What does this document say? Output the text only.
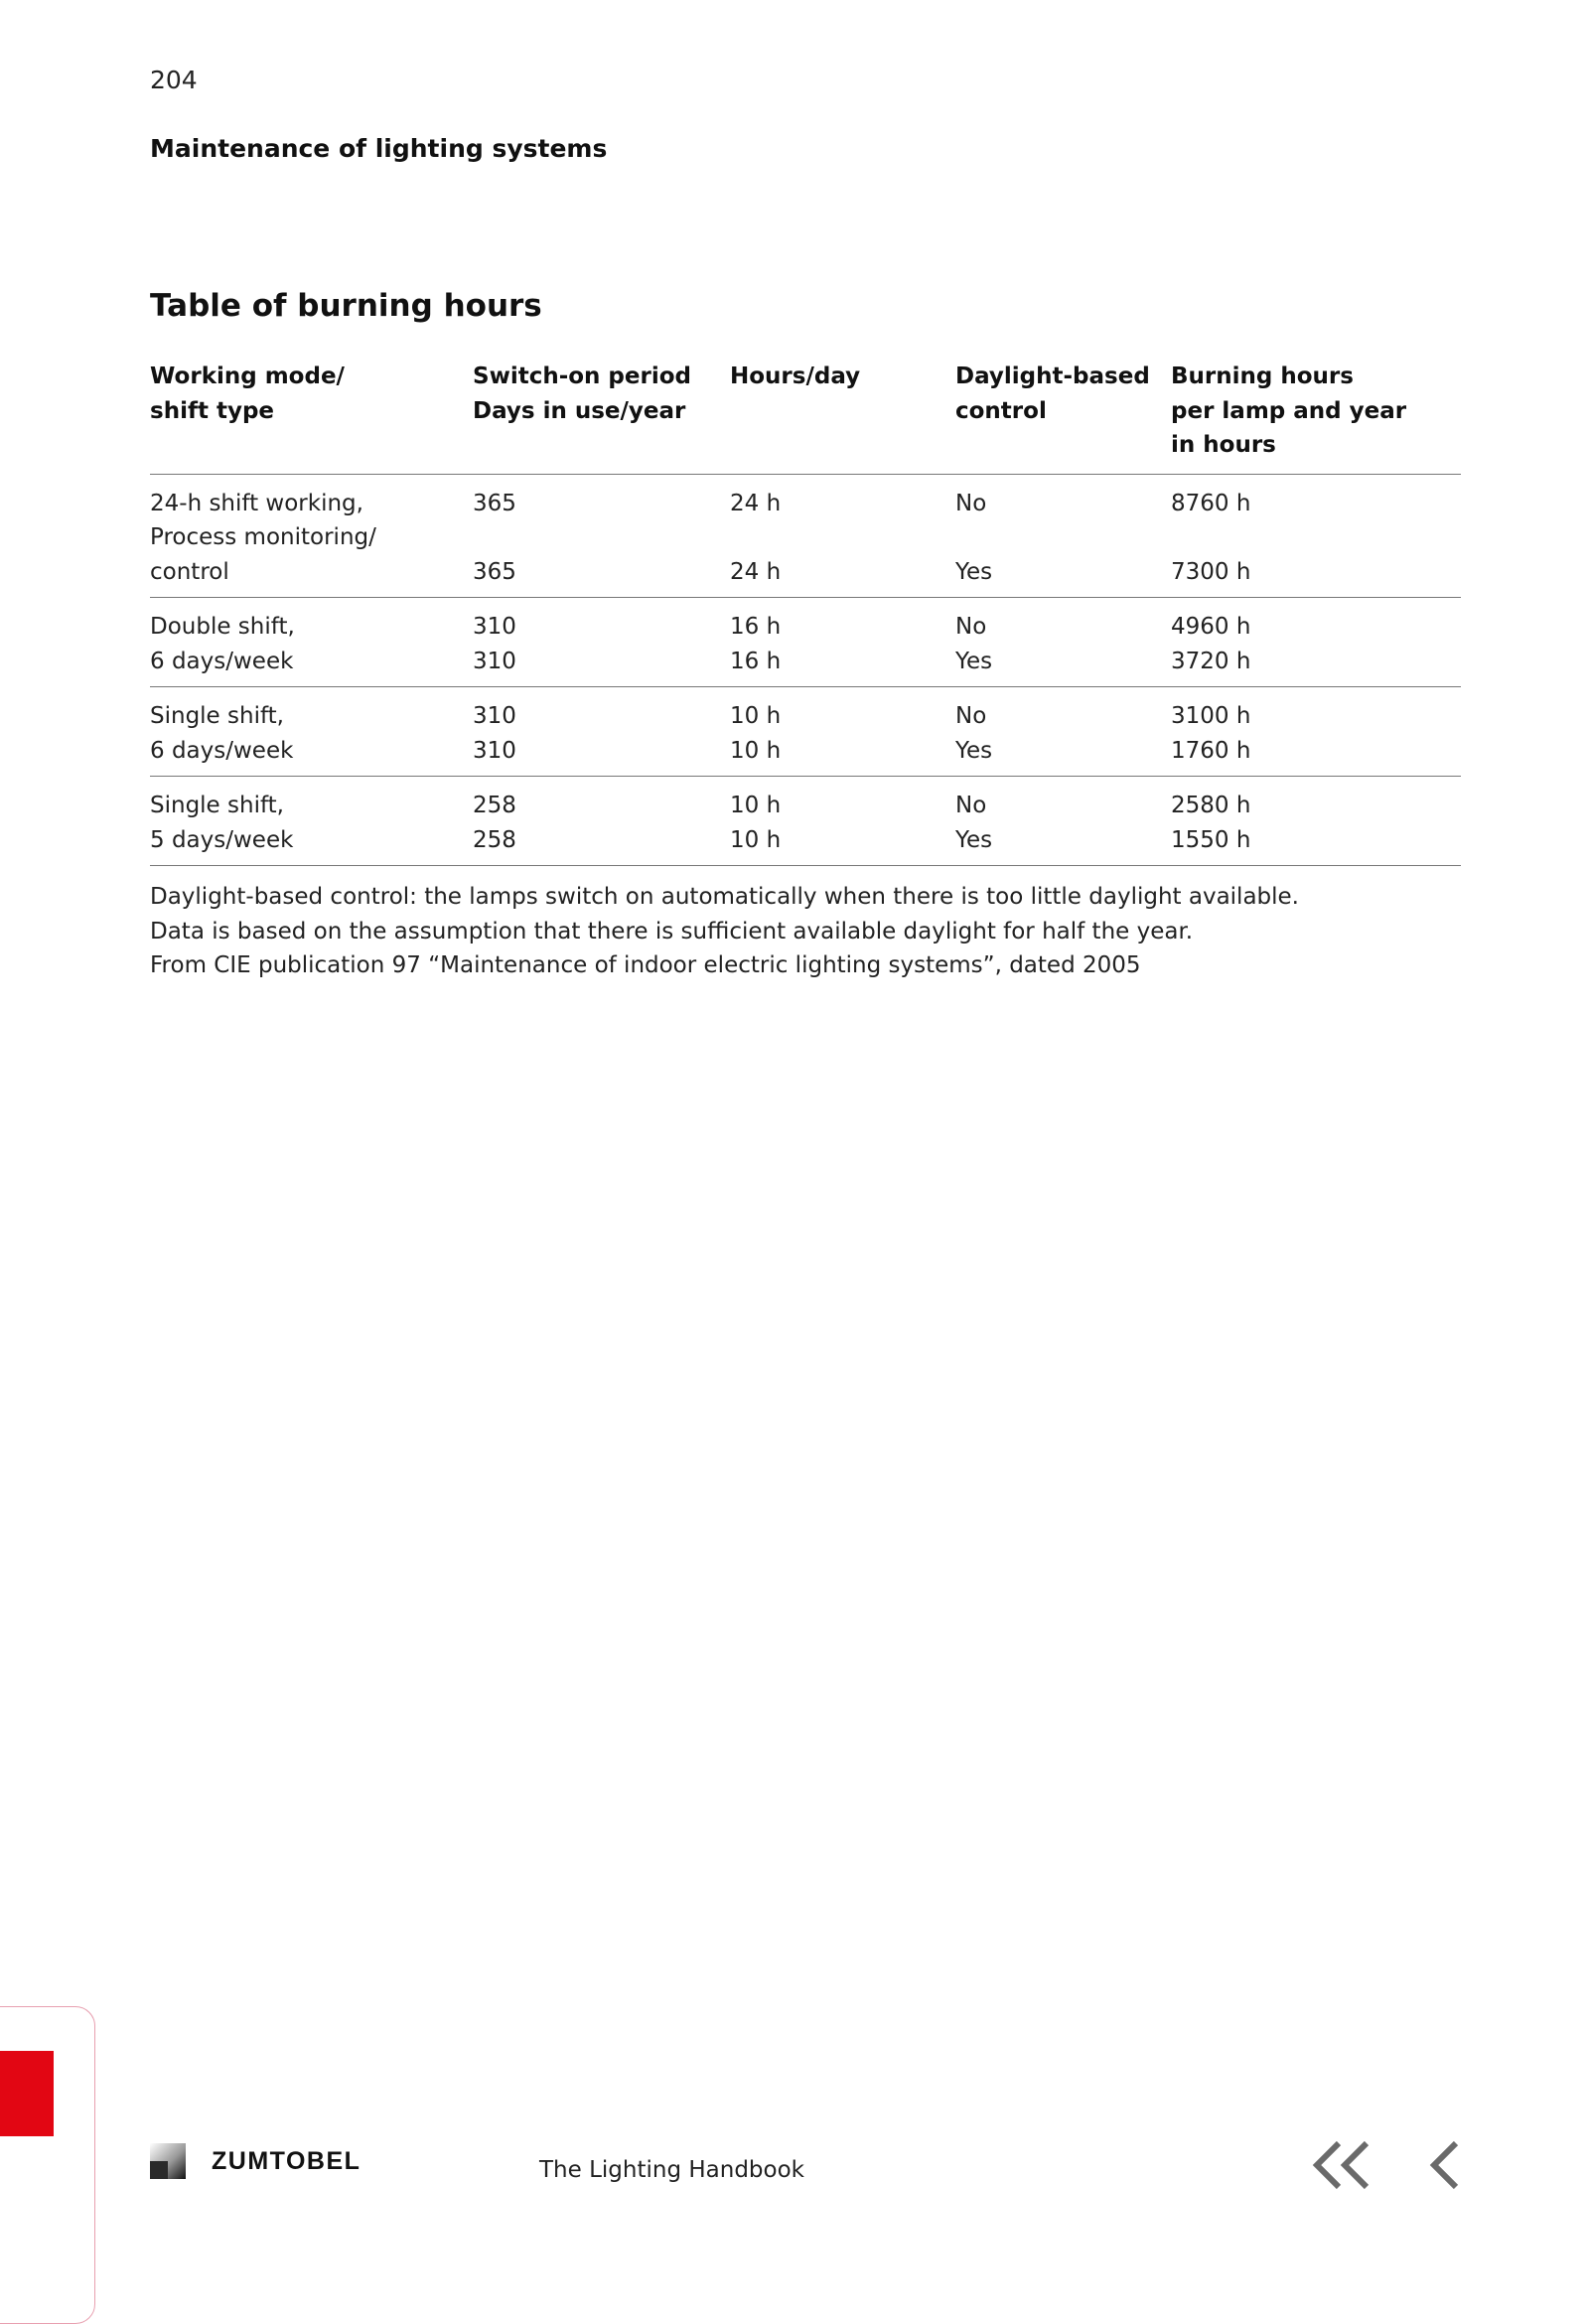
204
Maintenance of lighting systems
Table of burning hours
Working mode/
shift type
Switch-on period
Days in use/year
Hours/day	Daylight-based
control
Burning hours
per lamp and year
in hours
24-h shift working,
Process monitoring/
control
365

365
24 h

24 h
No

Yes
8760 h

7300 h
Double shift,
6 days/week
310
310
16 h
16 h
No
Yes
4960 h
3720 h
Single shift,
6 days/week
310
310
10 h
10 h
No
Yes
3100 h
1760 h
Single shift,
5 days/week
258
258
10 h
10 h
No
Yes
2580 h
1550 h
Daylight-based control: the lamps switch on automatically when there is too little daylight available.
Data is based on the assumption that there is sufficient available daylight for half the year.
From CIE publication 97 “Maintenance of indoor electric lighting systems”, dated 2005
ZUMTOBEL	The Lighting Handbook
